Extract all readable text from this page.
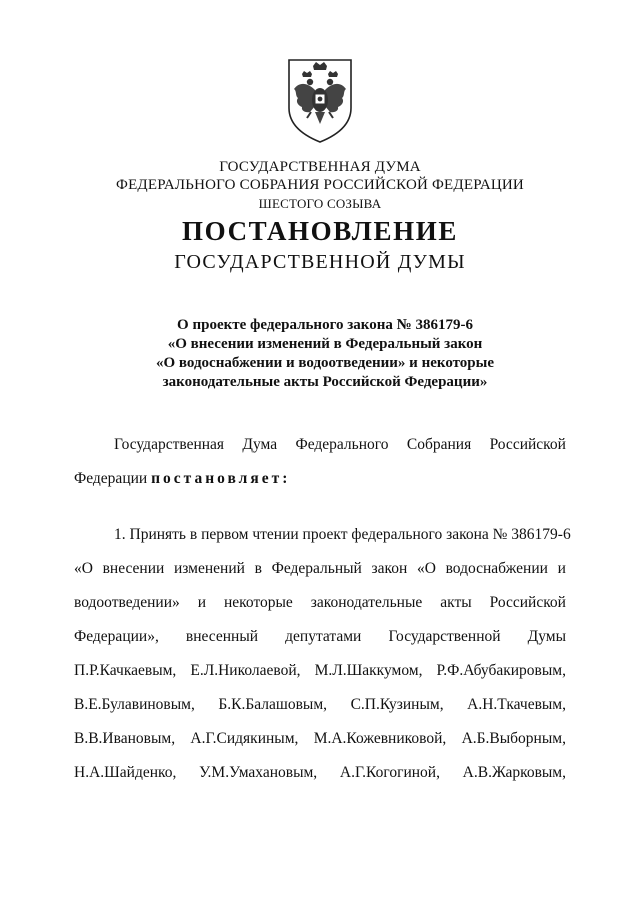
ГОСУДАРСТВЕННАЯ ДУМА
ФЕДЕРАЛЬНОГО СОБРАНИЯ РОССИЙСКОЙ ФЕДЕРАЦИИ
ШЕСТОГО СОЗЫВА
ПОСТАНОВЛЕНИЕ
ГОСУДАРСТВЕННОЙ ДУМЫ
О проекте федерального закона № 386179-6
«О внесении изменений в Федеральный закон
«О водоснабжении и водоотведении» и некоторые
законодательные акты Российской Федерации»
Государственная Дума Федерального Собрания Российской
Федерации постановляет:
1. Принять в первом чтении проект федерального закона № 386179-6
«О внесении изменений в Федеральный закон «О водоснабжении и
водоотведении» и некоторые законодательные акты Российской
Федерации», внесенный депутатами Государственной Думы
П.Р.Качкаевым, Е.Л.Николаевой, М.Л.Шаккумом, Р.Ф.Абубакировым,
В.Е.Булавиновым, Б.К.Балашовым, С.П.Кузиным, А.Н.Ткачевым,
В.В.Ивановым, А.Г.Сидякиным, М.А.Кожевниковой, А.Б.Выборным,
Н.А.Шайденко, У.М.Умахановым, А.Г.Когогиной, А.В.Жарковым,
